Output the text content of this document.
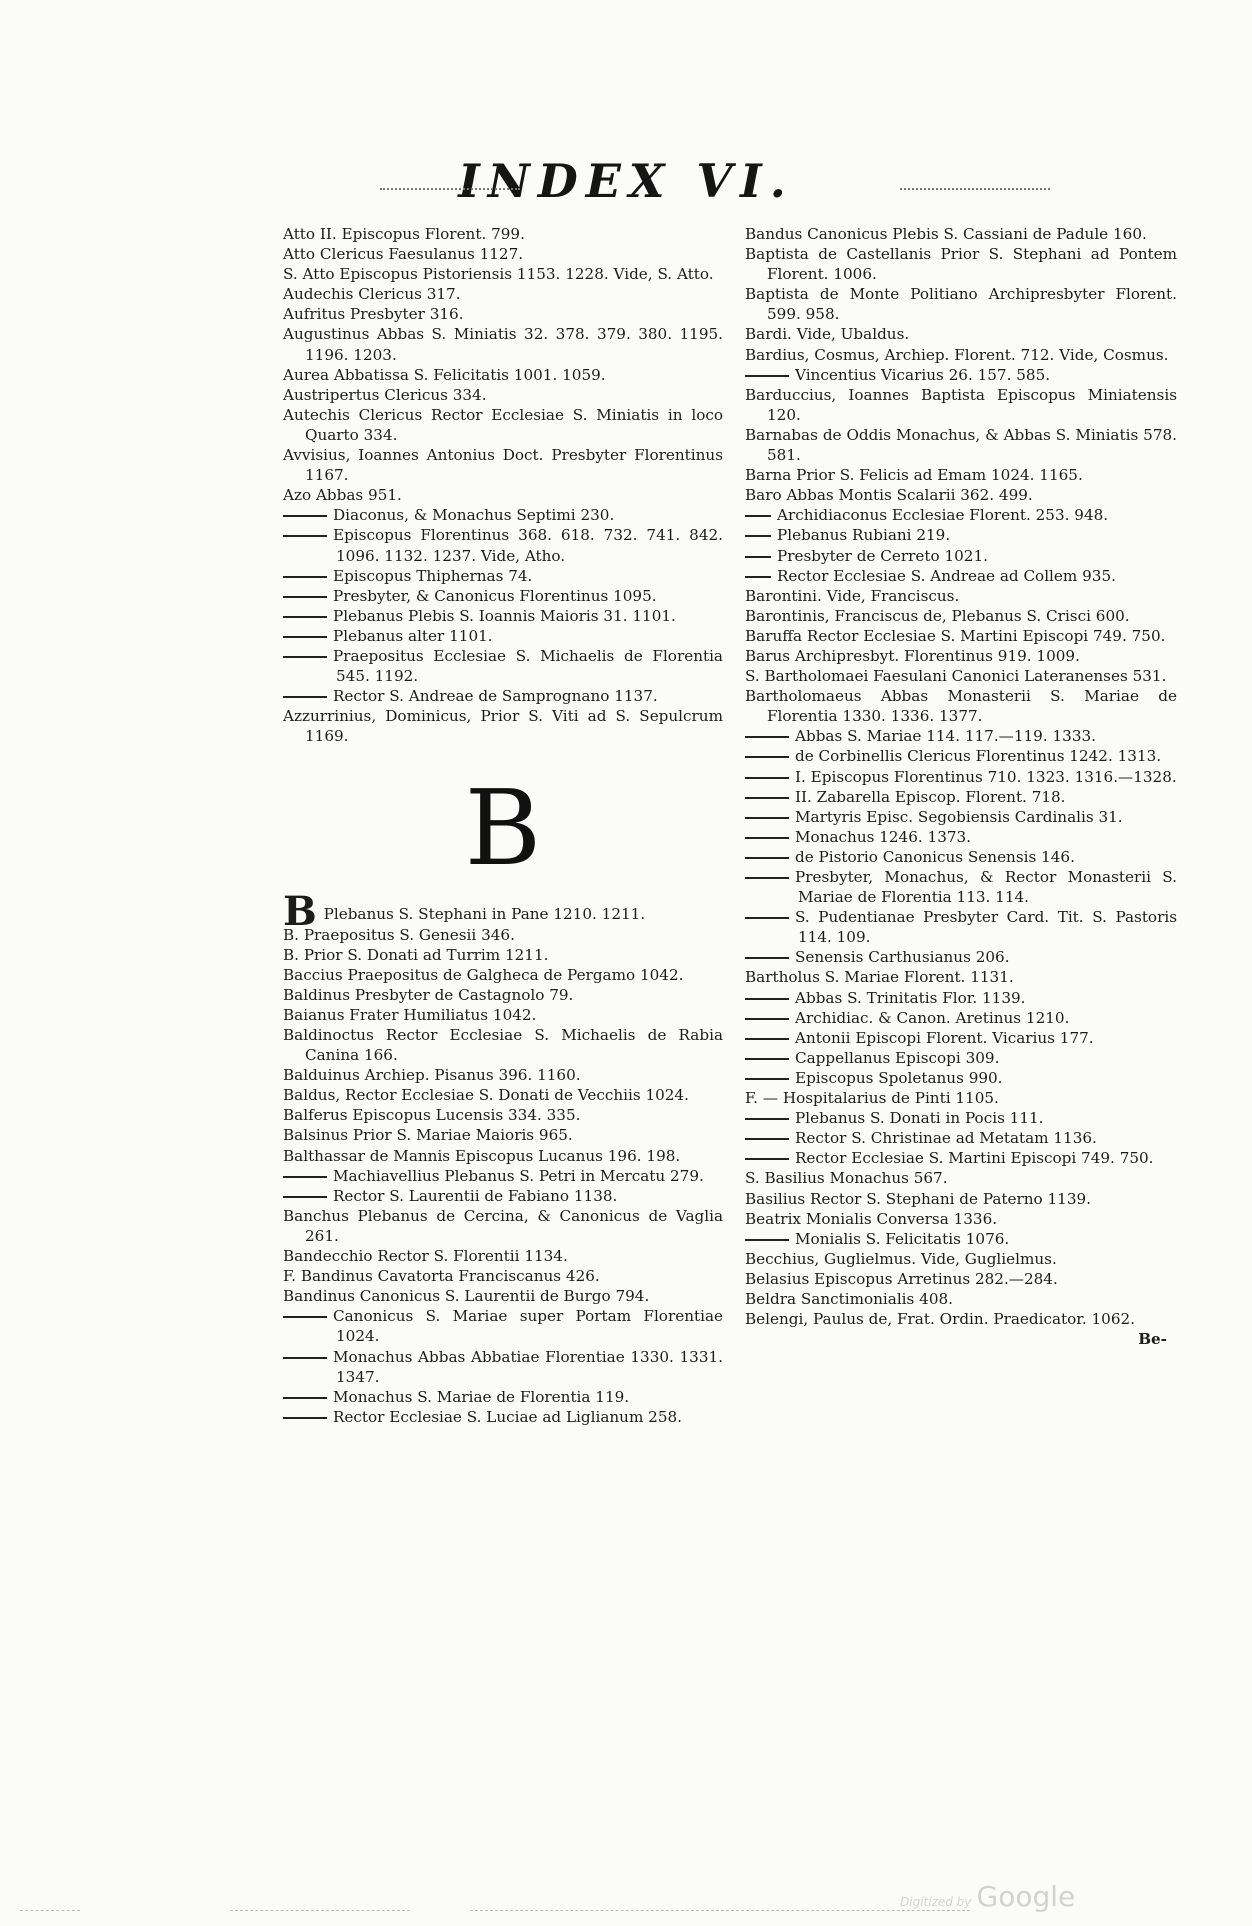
INDEX VI.
Atto II. Episcopus Florent. 799.
Atto Clericus Faesulanus 1127.
S. Atto Episcopus Pistoriensis 1153. 1228. Vide, S. Atto.
Audechis Clericus 317.
Aufritus Presbyter 316.
Augustinus Abbas S. Miniatis 32. 378. 379. 380. 1195. 1196. 1203.
Aurea Abbatissa S. Felicitatis 1001. 1059.
Austripertus Clericus 334.
Autechis Clericus Rector Ecclesiae S. Miniatis in loco Quarto 334.
Avvisius, Ioannes Antonius Doct. Presbyter Florentinus 1167.
Azo Abbas 951.
Diaconus, & Monachus Septimi 230.
Episcopus Florentinus 368. 618. 732. 741. 842. 1096. 1132. 1237. Vide, Atho.
Episcopus Thiphernas 74.
Presbyter, & Canonicus Florentinus 1095.
Plebanus Plebis S. Ioannis Maioris 31. 1101.
Plebanus alter 1101.
Praepositus Ecclesiae S. Michaelis de Florentia 545. 1192.
Rector S. Andreae de Samprognano 1137.
Azzurrinius, Dominicus, Prior S. Viti ad S. Sepulcrum 1169.
B
B Plebanus S. Stephani in Pane 1210. 1211.
B. Praepositus S. Genesii 346.
B. Prior S. Donati ad Turrim 1211.
Baccius Praepositus de Galgheca de Pergamo 1042.
Baldinus Presbyter de Castagnolo 79.
Baianus Frater Humiliatus 1042.
Baldinoctus Rector Ecclesiae S. Michaelis de Rabia Canina 166.
Balduinus Archiep. Pisanus 396. 1160.
Baldus, Rector Ecclesiae S. Donati de Vecchiis 1024.
Balferus Episcopus Lucensis 334. 335.
Balsinus Prior S. Mariae Maioris 965.
Balthassar de Mannis Episcopus Lucanus 196. 198.
Machiavellius Plebanus S. Petri in Mercatu 279.
Rector S. Laurentii de Fabiano 1138.
Banchus Plebanus de Cercina, & Canonicus de Vaglia 261.
Bandecchio Rector S. Florentii 1134.
F. Bandinus Cavatorta Franciscanus 426.
Bandinus Canonicus S. Laurentii de Burgo 794.
Canonicus S. Mariae super Portam Florentiae 1024.
Monachus Abbas Abbatiae Florentiae 1330. 1331. 1347.
Monachus S. Mariae de Florentia 119.
Rector Ecclesiae S. Luciae ad Liglianum 258.
Bandus Canonicus Plebis S. Cassiani de Padule 160.
Baptista de Castellanis Prior S. Stephani ad Pontem Florent. 1006.
Baptista de Monte Politiano Archipresbyter Florent. 599. 958.
Bardi. Vide, Ubaldus.
Bardius, Cosmus, Archiep. Florent. 712. Vide, Cosmus.
Vincentius Vicarius 26. 157. 585.
Barduccius, Ioannes Baptista Episcopus Miniatensis 120.
Barnabas de Oddis Monachus, & Abbas S. Miniatis 578. 581.
Barna Prior S. Felicis ad Emam 1024. 1165.
Baro Abbas Montis Scalarii 362. 499.
Archidiaconus Ecclesiae Florent. 253. 948.
Plebanus Rubiani 219.
Presbyter de Cerreto 1021.
Rector Ecclesiae S. Andreae ad Collem 935.
Barontini. Vide, Franciscus.
Barontinis, Franciscus de, Plebanus S. Crisci 600.
Baruffa Rector Ecclesiae S. Martini Episcopi 749. 750.
Barus Archipresbyt. Florentinus 919. 1009.
S. Bartholomaei Faesulani Canonici Lateranenses 531.
Bartholomaeus Abbas Monasterii S. Mariae de Florentia 1330. 1336. 1377.
Abbas S. Mariae 114. 117.—119. 1333.
de Corbinellis Clericus Florentinus 1242. 1313.
I. Episcopus Florentinus 710. 1323. 1316.—1328.
II. Zabarella Episcop. Florent. 718.
Martyris Episc. Segobiensis Cardinalis 31.
Monachus 1246. 1373.
de Pistorio Canonicus Senensis 146.
Presbyter, Monachus, & Rector Monasterii S. Mariae de Florentia 113. 114.
S. Pudentianae Presbyter Card. Tit. S. Pastoris 114. 109.
Senensis Carthusianus 206.
Bartholus S. Mariae Florent. 1131.
Abbas S. Trinitatis Flor. 1139.
Archidiac. & Canon. Aretinus 1210.
Antonii Episcopi Florent. Vicarius 177.
Cappellanus Episcopi 309.
Episcopus Spoletanus 990.
F. — Hospitalarius de Pinti 1105.
Plebanus S. Donati in Pocis 111.
Rector S. Christinae ad Metatam 1136.
Rector Ecclesiae S. Martini Episcopi 749. 750.
S. Basilius Monachus 567.
Basilius Rector S. Stephani de Paterno 1139.
Beatrix Monialis Conversa 1336.
Monialis S. Felicitatis 1076.
Becchius, Guglielmus. Vide, Guglielmus.
Belasius Episcopus Arretinus 282.—284.
Beldra Sanctimonialis 408.
Belengi, Paulus de, Frat. Ordin. Praedicator. 1062.
Be-
Digitized by Google
